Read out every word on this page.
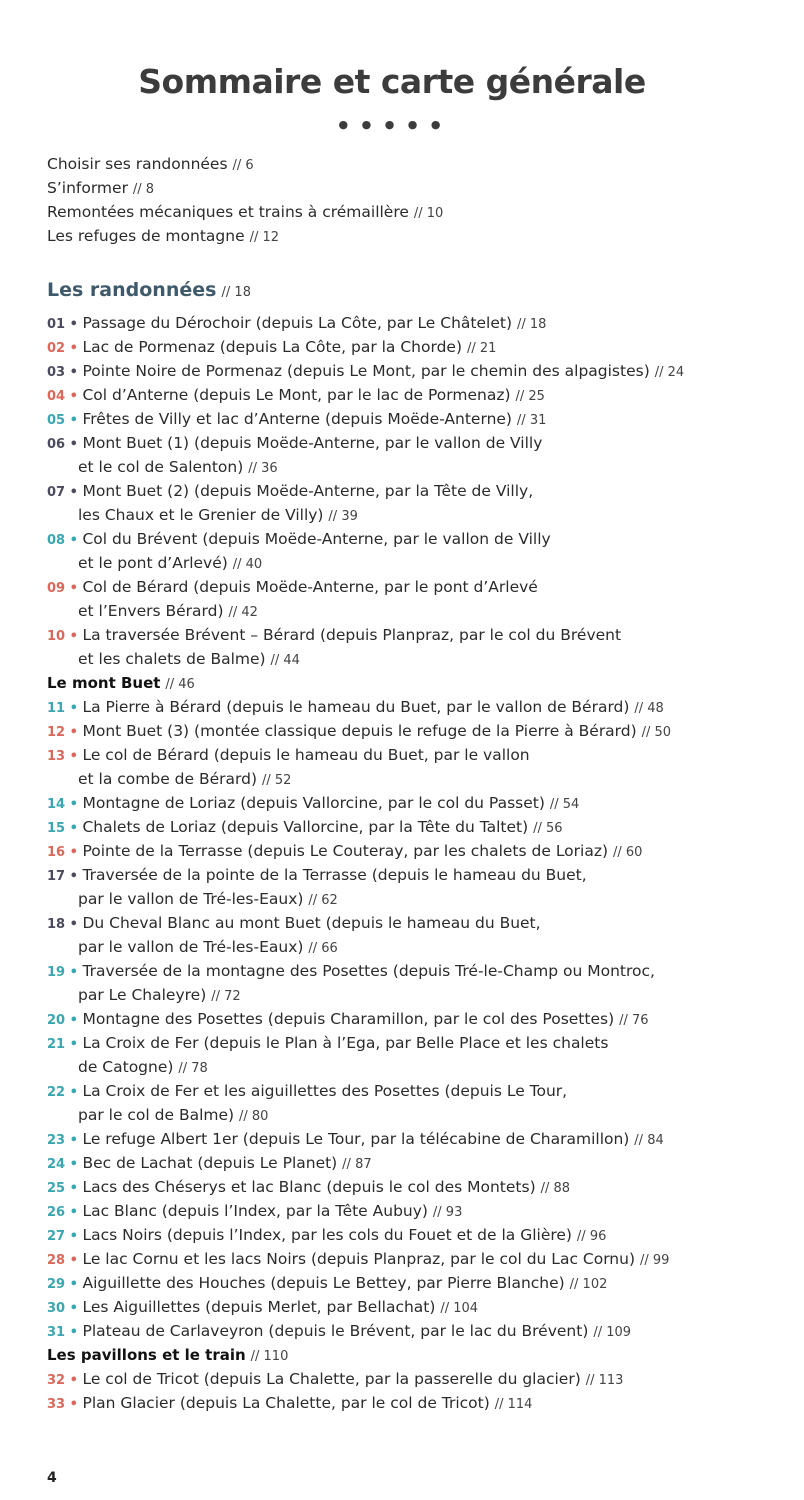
Sommaire et carte générale
● ● ● ● ●
Choisir ses randonnées // 6
S’informer // 8
Remontées mécaniques et trains à crémaillère // 10
Les refuges de montagne // 12
Les randonnées // 18
01 • Passage du Dérochoir (depuis La Côte, par Le Châtelet) // 18
02 • Lac de Pormenaz (depuis La Côte, par la Chorde) // 21
03 • Pointe Noire de Pormenaz (depuis Le Mont, par le chemin des alpagistes) // 24
04 • Col d’Anterne (depuis Le Mont, par le lac de Pormenaz) // 25
05 • Frêtes de Villy et lac d’Anterne (depuis Moëde-Anterne) // 31
06 • Mont Buet (1) (depuis Moëde-Anterne, par le vallon de Villy
et le col de Salenton) // 36
07 • Mont Buet (2) (depuis Moëde-Anterne, par la Tête de Villy,
les Chaux et le Grenier de Villy) // 39
08 • Col du Brévent (depuis Moëde-Anterne, par le vallon de Villy
et le pont d’Arlevé) // 40
09 • Col de Bérard (depuis Moëde-Anterne, par le pont d’Arlevé
et l’Envers Bérard) // 42
10 • La traversée Brévent – Bérard (depuis Planpraz, par le col du Brévent
et les chalets de Balme) // 44
Le mont Buet // 46
11 • La Pierre à Bérard (depuis le hameau du Buet, par le vallon de Bérard) // 48
12 • Mont Buet (3) (montée classique depuis le refuge de la Pierre à Bérard) // 50
13 • Le col de Bérard (depuis le hameau du Buet, par le vallon
et la combe de Bérard) // 52
14 • Montagne de Loriaz (depuis Vallorcine, par le col du Passet) // 54
15 • Chalets de Loriaz (depuis Vallorcine, par la Tête du Taltet) // 56
16 • Pointe de la Terrasse (depuis Le Couteray, par les chalets de Loriaz) // 60
17 • Traversée de la pointe de la Terrasse (depuis le hameau du Buet,
par le vallon de Tré-les-Eaux) // 62
18 • Du Cheval Blanc au mont Buet (depuis le hameau du Buet,
par le vallon de Tré-les-Eaux) // 66
19 • Traversée de la montagne des Posettes (depuis Tré-le-Champ ou Montroc,
par Le Chaleyre) // 72
20 • Montagne des Posettes (depuis Charamillon, par le col des Posettes) // 76
21 • La Croix de Fer (depuis le Plan à l’Ega, par Belle Place et les chalets
de Catogne) // 78
22 • La Croix de Fer et les aiguillettes des Posettes (depuis Le Tour,
par le col de Balme) // 80
23 • Le refuge Albert 1er (depuis Le Tour, par la télécabine de Charamillon) // 84
24 • Bec de Lachat (depuis Le Planet) // 87
25 • Lacs des Chéserys et lac Blanc (depuis le col des Montets) // 88
26 • Lac Blanc (depuis l’Index, par la Tête Aubuy) // 93
27 • Lacs Noirs (depuis l’Index, par les cols du Fouet et de la Glière) // 96
28 • Le lac Cornu et les lacs Noirs (depuis Planpraz, par le col du Lac Cornu) // 99
29 • Aiguillette des Houches (depuis Le Bettey, par Pierre Blanche) // 102
30 • Les Aiguillettes (depuis Merlet, par Bellachat) // 104
31 • Plateau de Carlaveyron (depuis le Brévent, par le lac du Brévent) // 109
Les pavillons et le train // 110
32 • Le col de Tricot (depuis La Chalette, par la passerelle du glacier) // 113
33 • Plan Glacier (depuis La Chalette, par le col de Tricot) // 114
4
